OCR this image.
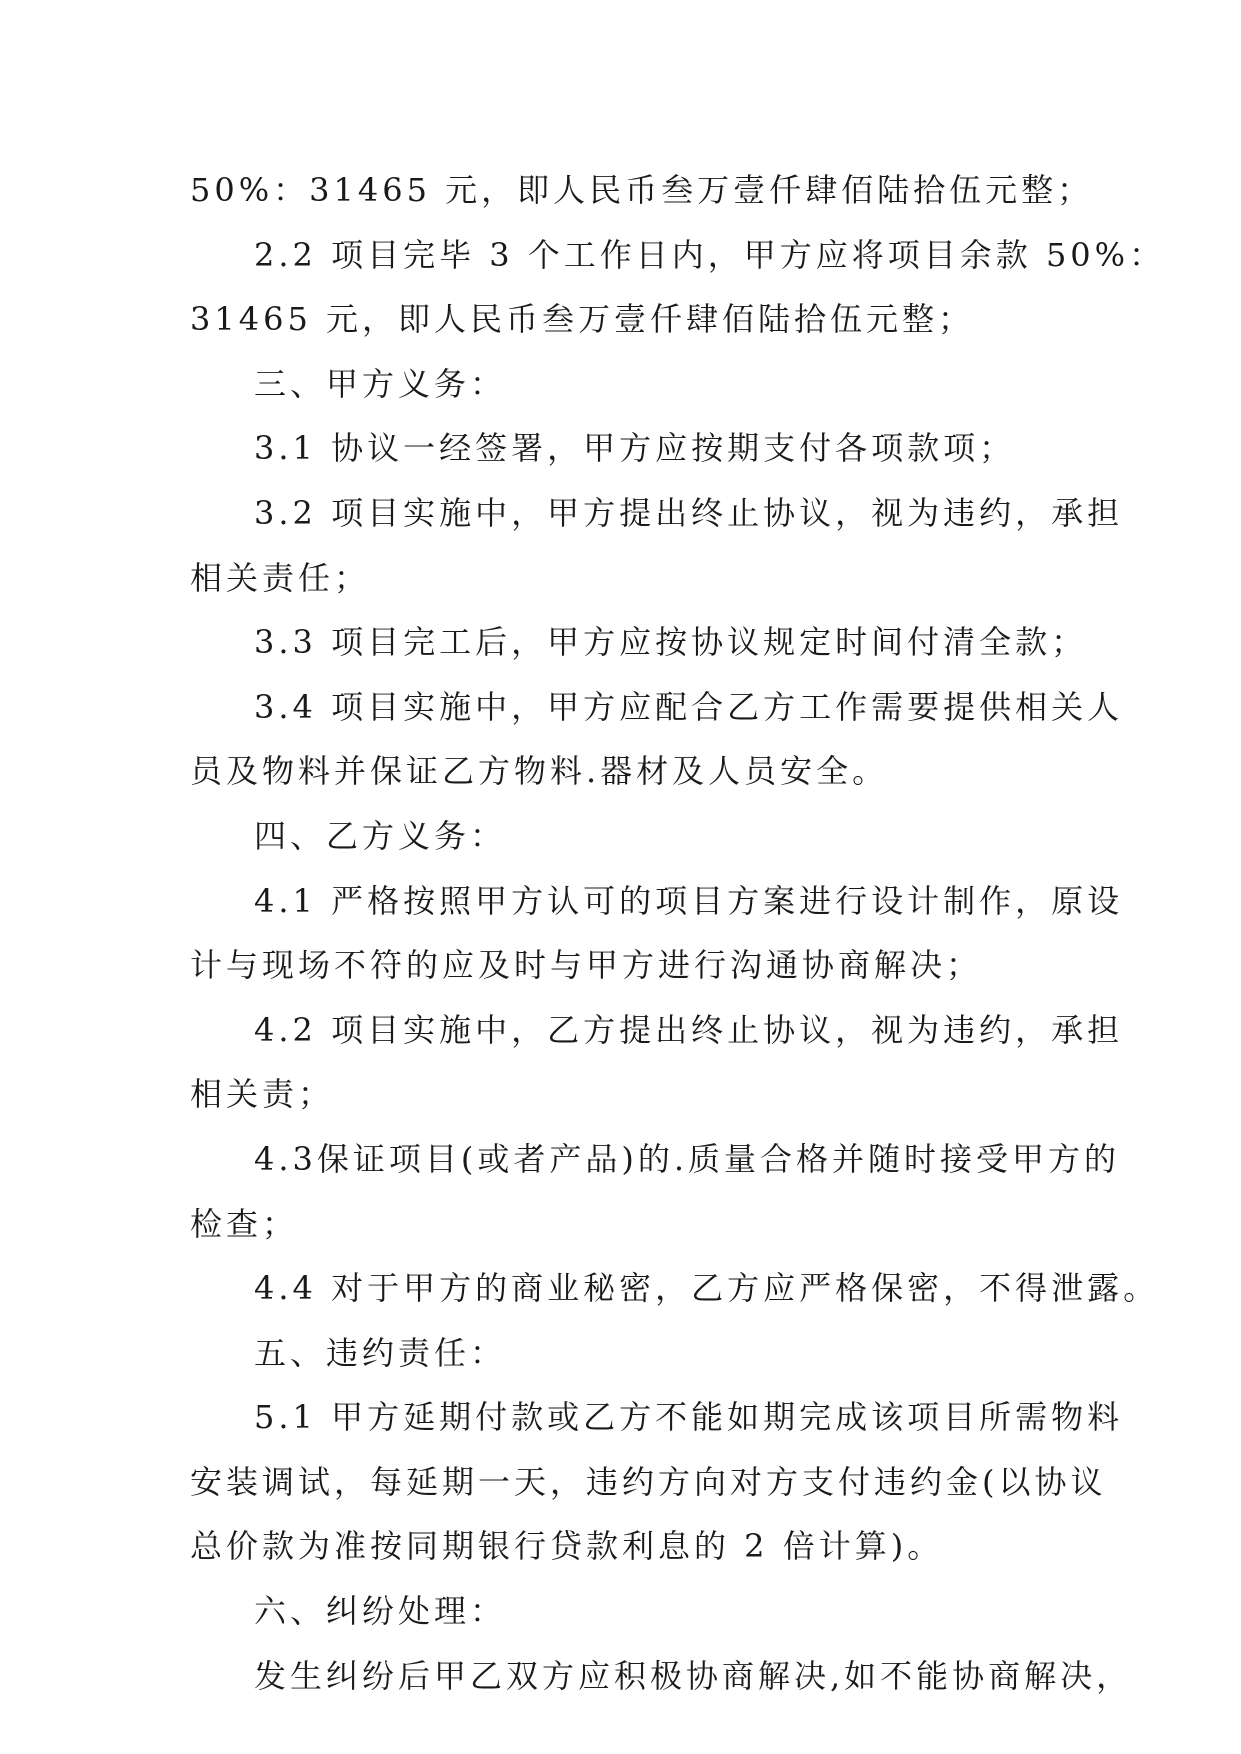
50%：31465 元，即人民币叁万壹仟肆佰陆拾伍元整；
2.2 项目完毕 3 个工作日内，甲方应将项目余款 50%：
31465 元，即人民币叁万壹仟肆佰陆拾伍元整；
三、甲方义务：
3.1 协议一经签署，甲方应按期支付各项款项；
3.2 项目实施中，甲方提出终止协议，视为违约，承担
相关责任；
3.3 项目完工后，甲方应按协议规定时间付清全款；
3.4 项目实施中，甲方应配合乙方工作需要提供相关人
员及物料并保证乙方物料.器材及人员安全。
四、乙方义务：
4.1 严格按照甲方认可的项目方案进行设计制作，原设
计与现场不符的应及时与甲方进行沟通协商解决；
4.2 项目实施中，乙方提出终止协议，视为违约，承担
相关责；
4.3保证项目(或者产品)的.质量合格并随时接受甲方的
检查；
4.4 对于甲方的商业秘密，乙方应严格保密，不得泄露。
五、违约责任：
5.1 甲方延期付款或乙方不能如期完成该项目所需物料
安装调试，每延期一天，违约方向对方支付违约金(以协议
总价款为准按同期银行贷款利息的 2 倍计算)。
六、纠纷处理：
发生纠纷后甲乙双方应积极协商解决,如不能协商解决，
